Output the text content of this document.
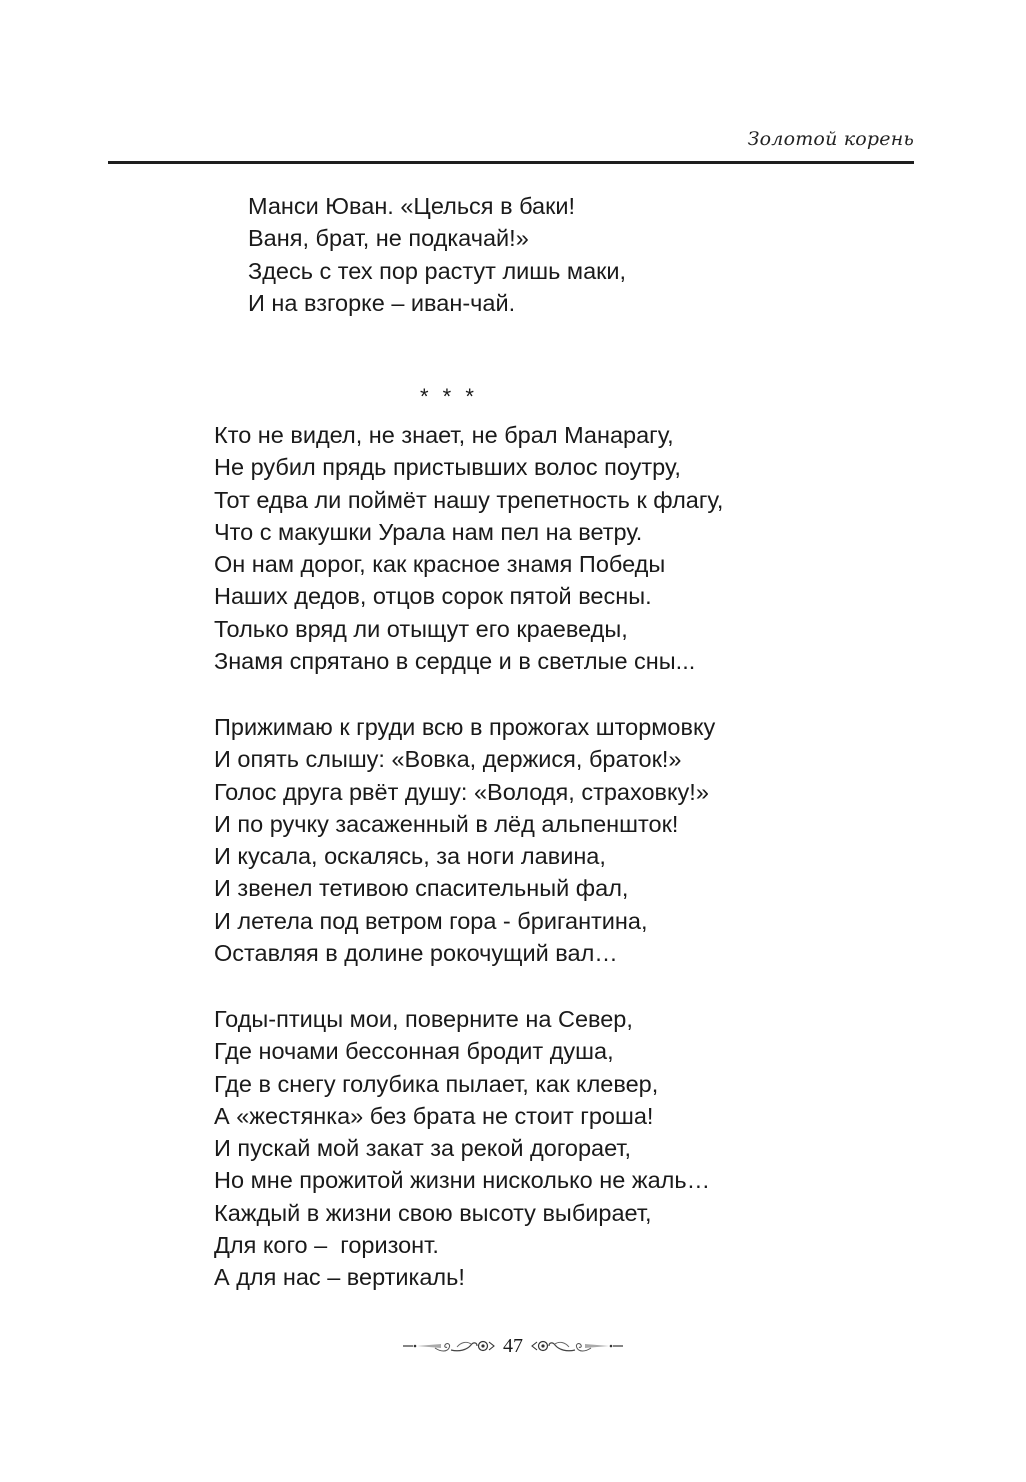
Золотой корень
Манси Юван. «Целься в баки!
Ваня, брат, не подкачай!»
Здесь с тех пор растут лишь маки,
И на взгорке – иван-чай.
* * *
Кто не видел, не знает, не брал Манарагу,
Не рубил прядь пристывших волос поутру,
Тот едва ли поймёт нашу трепетность к флагу,
Что с макушки Урала нам пел на ветру.
Он нам дорог, как красное знамя Победы
Наших дедов, отцов сорок пятой весны.
Только вряд ли отыщут его краеведы,
Знамя спрятано в сердце и в светлые сны...
Прижимаю к груди всю в прожогах штормовку
И опять слышу: «Вовка, держися, браток!»
Голос друга рвёт душу: «Володя, страховку!»
И по ручку засаженный в лёд альпеншток!
И кусала, оскалясь, за ноги лавина,
И звенел тетивою спасительный фал,
И летела под ветром гора - бригантина,
Оставляя в долине рокочущий вал…
Годы-птицы мои, поверните на Север,
Где ночами бессонная бродит душа,
Где в снегу голубика пылает, как клевер,
А «жестянка» без брата не стоит гроша!
И пускай мой закат за рекой догорает,
Но мне прожитой жизни нисколько не жаль…
Каждый в жизни свою высоту выбирает,
Для кого –  горизонт.
А для нас – вертикаль!
47
